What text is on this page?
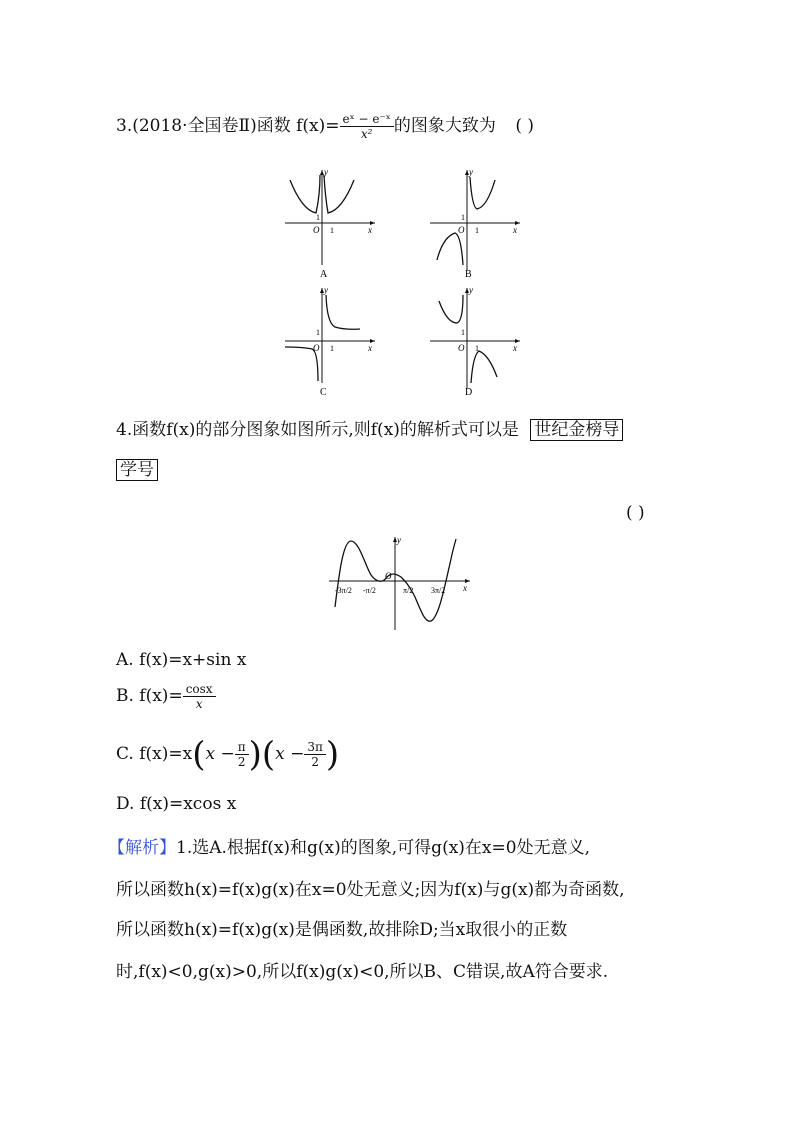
3.(2018·全国卷Ⅱ)函数 $f(x)= \frac{\text{eˣ − e⁻ˣ}}{\text{x²}}$ 的图象大致为 ( )
y
x
O
1
1
A
y
x
O
1
1
B
y
x
O
1
1
C
y
x
O
1
1
D
4.函数f(x)的部分图象如图所示,则f(x)的解析式可以是 世纪金榜导
学号
( )
y
x
O
-3π/2 -π/2	π/2 3π/2
A. f(x)=x+sin x
B. $f(x)= \frac{\cos x}{x}$
C. $f(x)=x(x - \frac{\pi}{2} )(x - \frac{3\pi}{2}$ )
D. f(x)=xcos x
【解析】1.选A.根据f(x)和g(x)的图象,可得g(x)在x=0处无意义,
所以函数h(x)=f(x)g(x)在x=0处无意义;因为f(x)与g(x)都为奇函数,
所以函数h(x)=f(x)g(x)是偶函数,故排除D;当x取很小的正数
时,f(x)<0,g(x)>0,所以f(x)g(x)<0,所以B、C错误,故A符合要求.
